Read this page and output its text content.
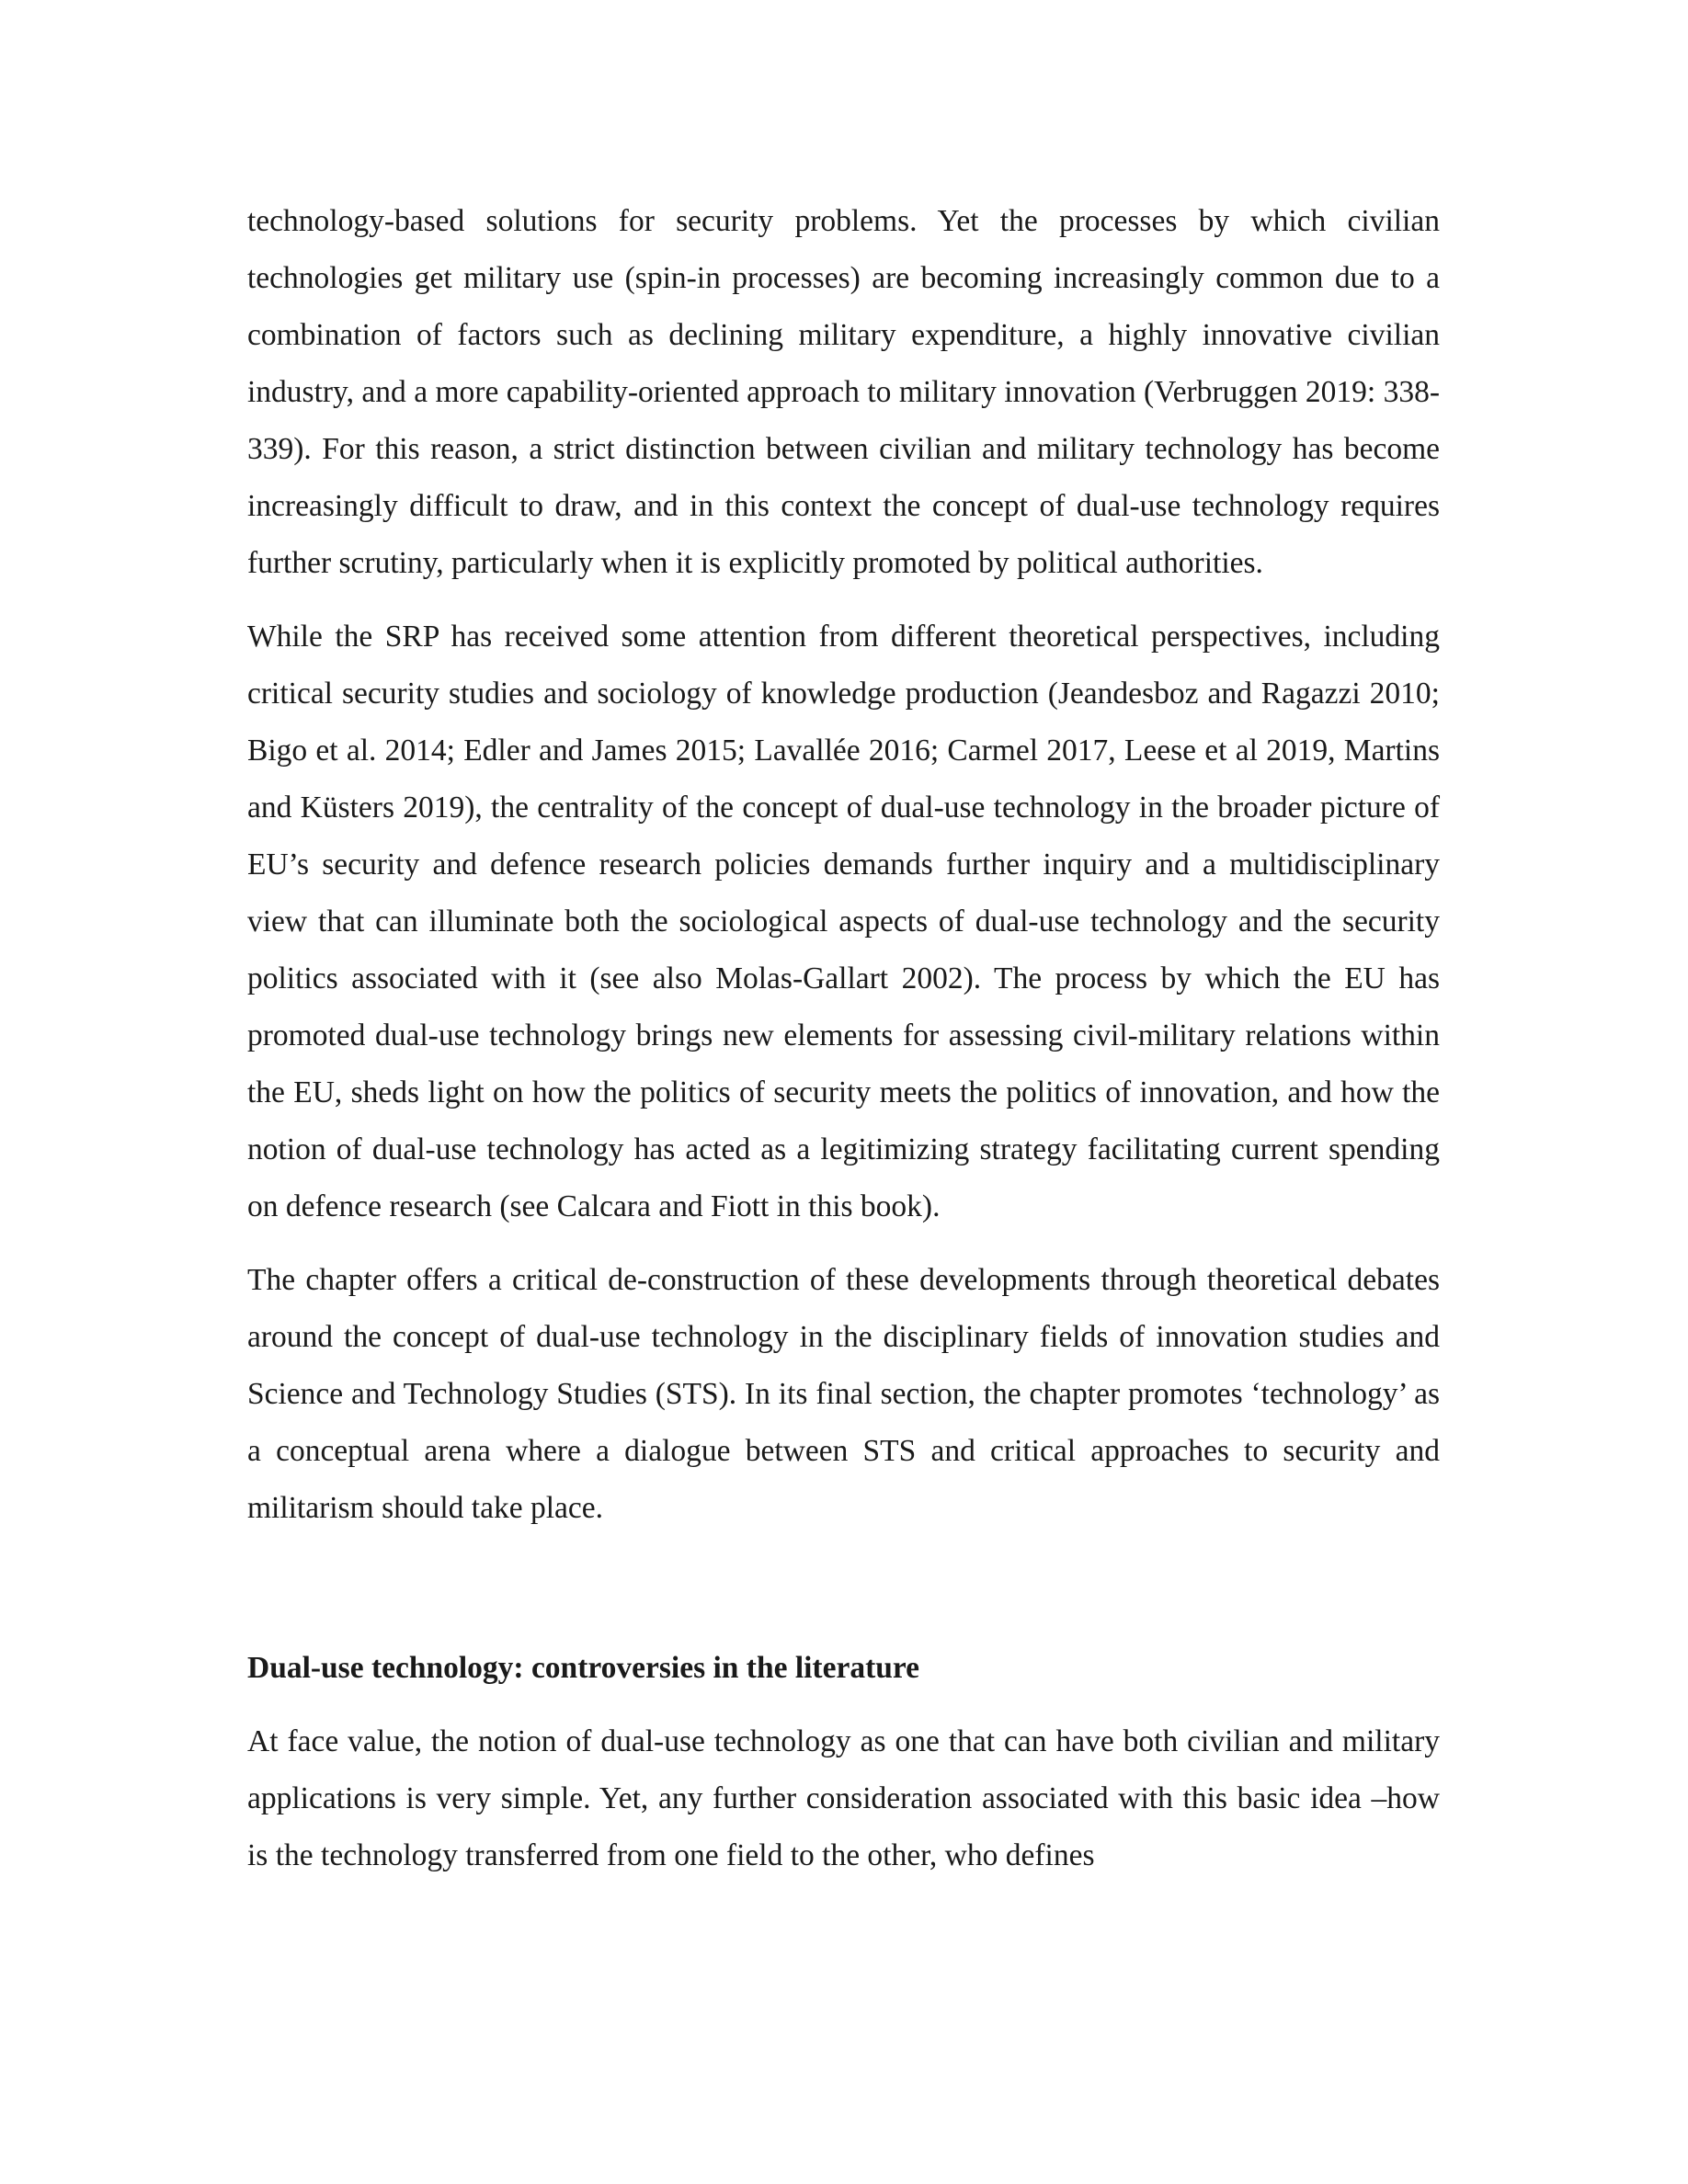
technology-based solutions for security problems. Yet the processes by which civilian technologies get military use (spin-in processes) are becoming increasingly common due to a combination of factors such as declining military expenditure, a highly innovative civilian industry, and a more capability-oriented approach to military innovation (Verbruggen 2019: 338-339). For this reason, a strict distinction between civilian and military technology has become increasingly difficult to draw, and in this context the concept of dual-use technology requires further scrutiny, particularly when it is explicitly promoted by political authorities.

While the SRP has received some attention from different theoretical perspectives, including critical security studies and sociology of knowledge production (Jeandesboz and Ragazzi 2010; Bigo et al. 2014; Edler and James 2015; Lavallée 2016; Carmel 2017, Leese et al 2019, Martins and Küsters 2019), the centrality of the concept of dual-use technology in the broader picture of EU’s security and defence research policies demands further inquiry and a multidisciplinary view that can illuminate both the sociological aspects of dual-use technology and the security politics associated with it (see also Molas-Gallart 2002). The process by which the EU has promoted dual-use technology brings new elements for assessing civil-military relations within the EU, sheds light on how the politics of security meets the politics of innovation, and how the notion of dual-use technology has acted as a legitimizing strategy facilitating current spending on defence research (see Calcara and Fiott in this book).

The chapter offers a critical de-construction of these developments through theoretical debates around the concept of dual-use technology in the disciplinary fields of innovation studies and Science and Technology Studies (STS). In its final section, the chapter promotes ‘technology’ as a conceptual arena where a dialogue between STS and critical approaches to security and militarism should take place.

Dual-use technology: controversies in the literature

At face value, the notion of dual-use technology as one that can have both civilian and military applications is very simple. Yet, any further consideration associated with this basic idea –how is the technology transferred from one field to the other, who defines
